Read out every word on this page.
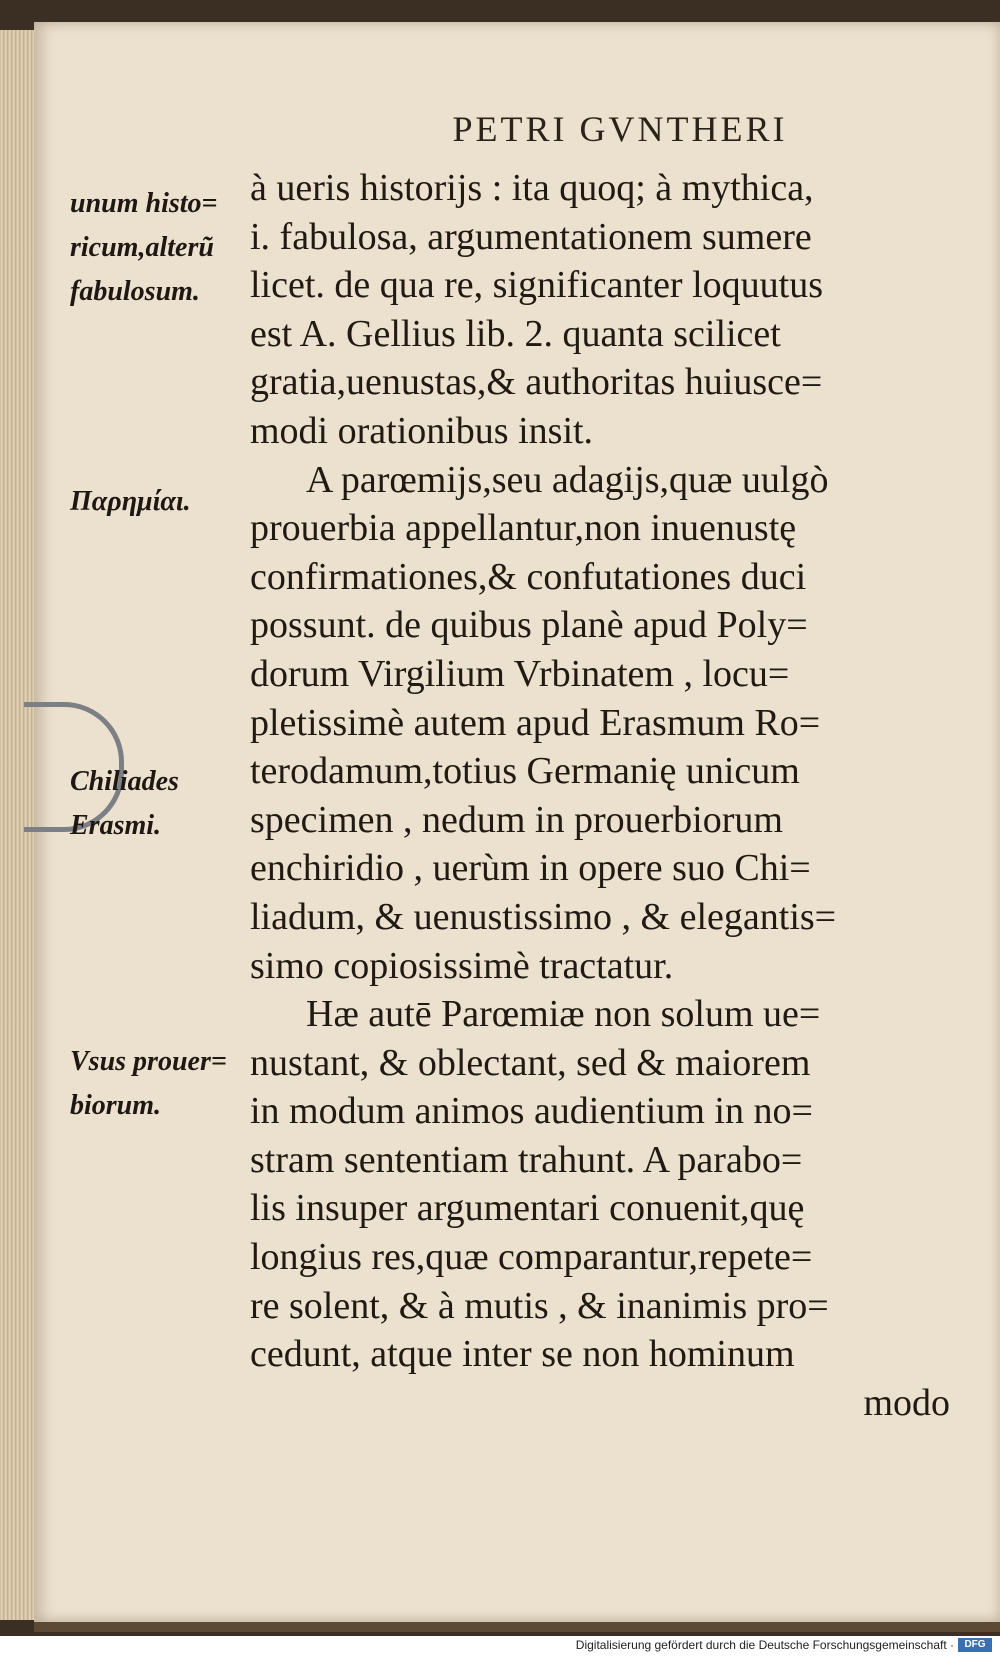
PETRI GVNTHERI
unum histo=
ricum,alterũ
fabulosum.
Παρημίαι.
Chiliades
Erasmi.
Vsus prouer=
biorum.
à ueris historijs : ita quoq; à mythica,
i. fabulosa, argumentationem sumere
licet. de qua re, significanter loquutus
est A. Gellius lib. 2. quanta scilicet
gratia,uenustas,& authoritas huiusce=
modi orationibus insit.
A parœmijs,seu adagijs,quæ uulgò
prouerbia appellantur,non inuenustę
confirmationes,& confutationes duci
possunt. de quibus planè apud Poly=
dorum Virgilium Vrbinatem , locu=
pletissimè autem apud Erasmum Ro=
terodamum,totius Germanię unicum
specimen , nedum in prouerbiorum
enchiridio , uerùm in opere suo Chi=
liadum, & uenustissimo , & elegantis=
simo copiosissimè tractatur.
Hæ autē Parœmiæ non solum ue=
nustant, & oblectant, sed & maiorem
in modum animos audientium in no=
stram sententiam trahunt. A parabo=
lis insuper argumentari conuenit,quę
longius res,quæ comparantur,repete=
re solent, & à mutis , & inanimis pro=
cedunt, atque inter se non hominum
modo
Digitalisierung gefördert durch die Deutsche Forschungsgemeinschaft ·	DFG
